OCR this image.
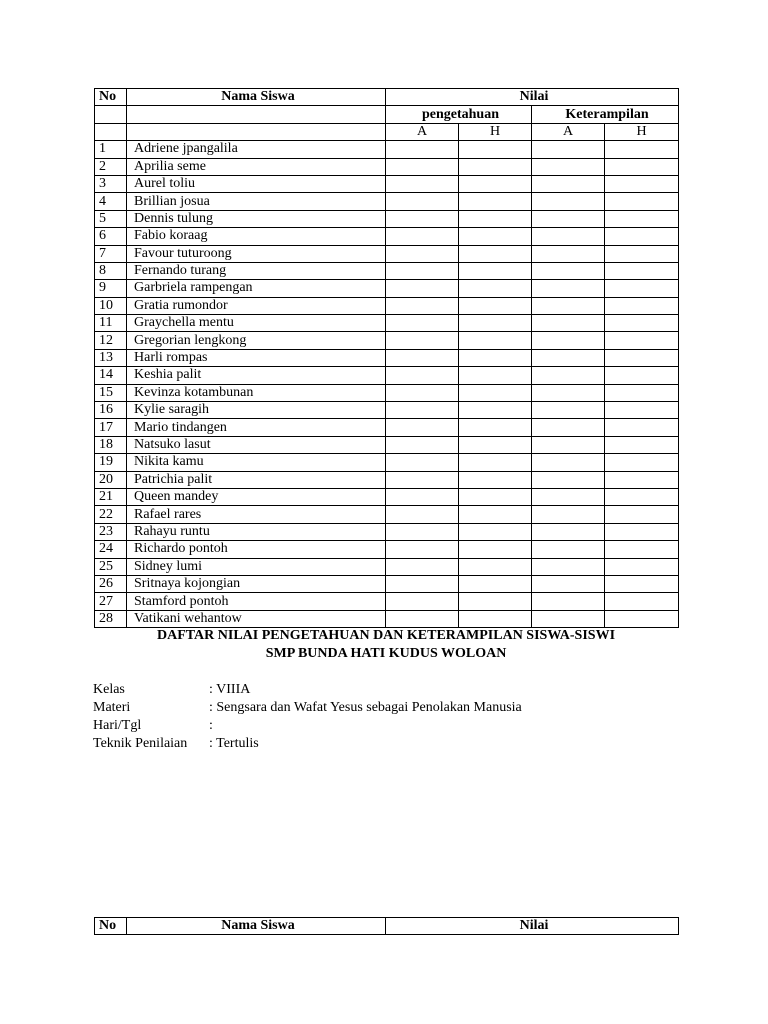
No	Nama Siswa	Nilai			
		pengetahuan		Keterampilan	
		A	H	A	H
1	Adriene jpangalila				
2	Aprilia seme				
3	Aurel toliu				
4	Brillian josua				
5	Dennis tulung				
6	Fabio koraag				
7	Favour tuturoong				
8	Fernando turang				
9	Garbriela rampengan				
10	Gratia rumondor				
11	Graychella mentu				
12	Gregorian lengkong				
13	Harli rompas				
14	Keshia palit				
15	Kevinza kotambunan				
16	Kylie saragih				
17	Mario tindangen				
18	Natsuko lasut				
19	Nikita kamu				
20	Patrichia palit				
21	Queen mandey				
22	Rafael rares				
23	Rahayu runtu				
24	Richardo pontoh				
25	Sidney lumi				
26	Sritnaya kojongian				
27	Stamford pontoh				
28	Vatikani wehantow				
DAFTAR NILAI PENGETAHUAN DAN KETERAMPILAN SISWA-SISWI
SMP BUNDA HATI KUDUS WOLOAN
Kelas	: VIIIA
Materi	: Sengsara dan Wafat Yesus sebagai Penolakan Manusia
Hari/Tgl	:
Teknik Penilaian	: Tertulis
No	Nama Siswa	Nilai
